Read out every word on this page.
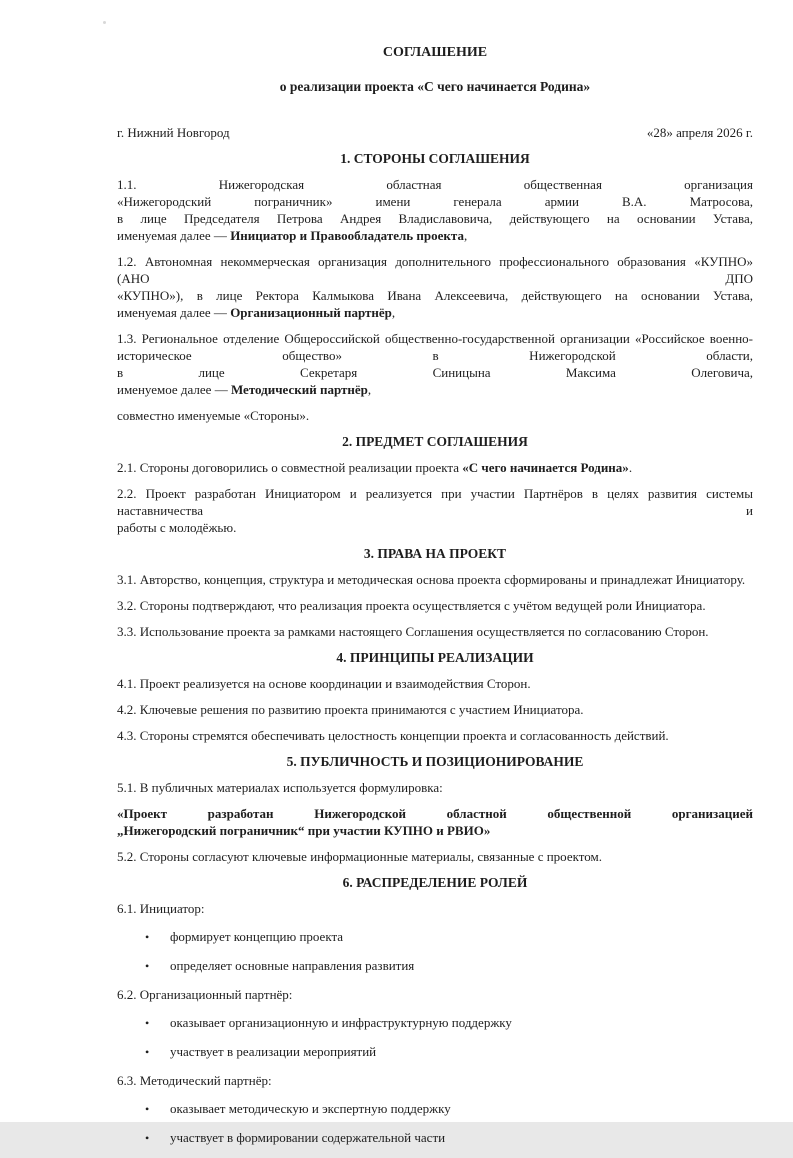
СОГЛАШЕНИЕ
о реализации проекта «С чего начинается Родина»
г. Нижний Новгород	«28» апреля 2026 г.
1. СТОРОНЫ СОГЛАШЕНИЯ
1.1. Нижегородская областная общественная организация
«Нижегородский пограничник» имени генерала армии В.А. Матросова,
в лице Председателя Петрова Андрея Владиславовича, действующего на основании Устава,
именуемая далее — Инициатор и Правообладатель проекта,
1.2. Автономная некоммерческая организация дополнительного профессионального образования «КУПНО» (АНО ДПО
«КУПНО»), в лице Ректора Калмыкова Ивана Алексеевича, действующего на основании Устава,
именуемая далее — Организационный партнёр,
1.3. Региональное отделение Общероссийской общественно-государственной организации «Российское военно-
историческое общество» в Нижегородской области,
в лице Секретаря Синицына Максима Олеговича,
именуемое далее — Методический партнёр,
совместно именуемые «Стороны».
2. ПРЕДМЕТ СОГЛАШЕНИЯ
2.1. Стороны договорились о совместной реализации проекта «С чего начинается Родина».
2.2. Проект разработан Инициатором и реализуется при участии Партнёров в целях развития системы наставничества и
работы с молодёжью.
3. ПРАВА НА ПРОЕКТ
3.1. Авторство, концепция, структура и методическая основа проекта сформированы и принадлежат Инициатору.
3.2. Стороны подтверждают, что реализация проекта осуществляется с учётом ведущей роли Инициатора.
3.3. Использование проекта за рамками настоящего Соглашения осуществляется по согласованию Сторон.
4. ПРИНЦИПЫ РЕАЛИЗАЦИИ
4.1. Проект реализуется на основе координации и взаимодействия Сторон.
4.2. Ключевые решения по развитию проекта принимаются с участием Инициатора.
4.3. Стороны стремятся обеспечивать целостность концепции проекта и согласованность действий.
5. ПУБЛИЧНОСТЬ И ПОЗИЦИОНИРОВАНИЕ
5.1. В публичных материалах используется формулировка:
«Проект разработан Нижегородской областной общественной организацией
„Нижегородский пограничник“ при участии КУПНО и РВИО»
5.2. Стороны согласуют ключевые информационные материалы, связанные с проектом.
6. РАСПРЕДЕЛЕНИЕ РОЛЕЙ
6.1. Инициатор:
•	формирует концепцию проекта
•	определяет основные направления развития
6.2. Организационный партнёр:
•	оказывает организационную и инфраструктурную поддержку
•	участвует в реализации мероприятий
6.3. Методический партнёр:
•	оказывает методическую и экспертную поддержку
•	участвует в формировании содержательной части
